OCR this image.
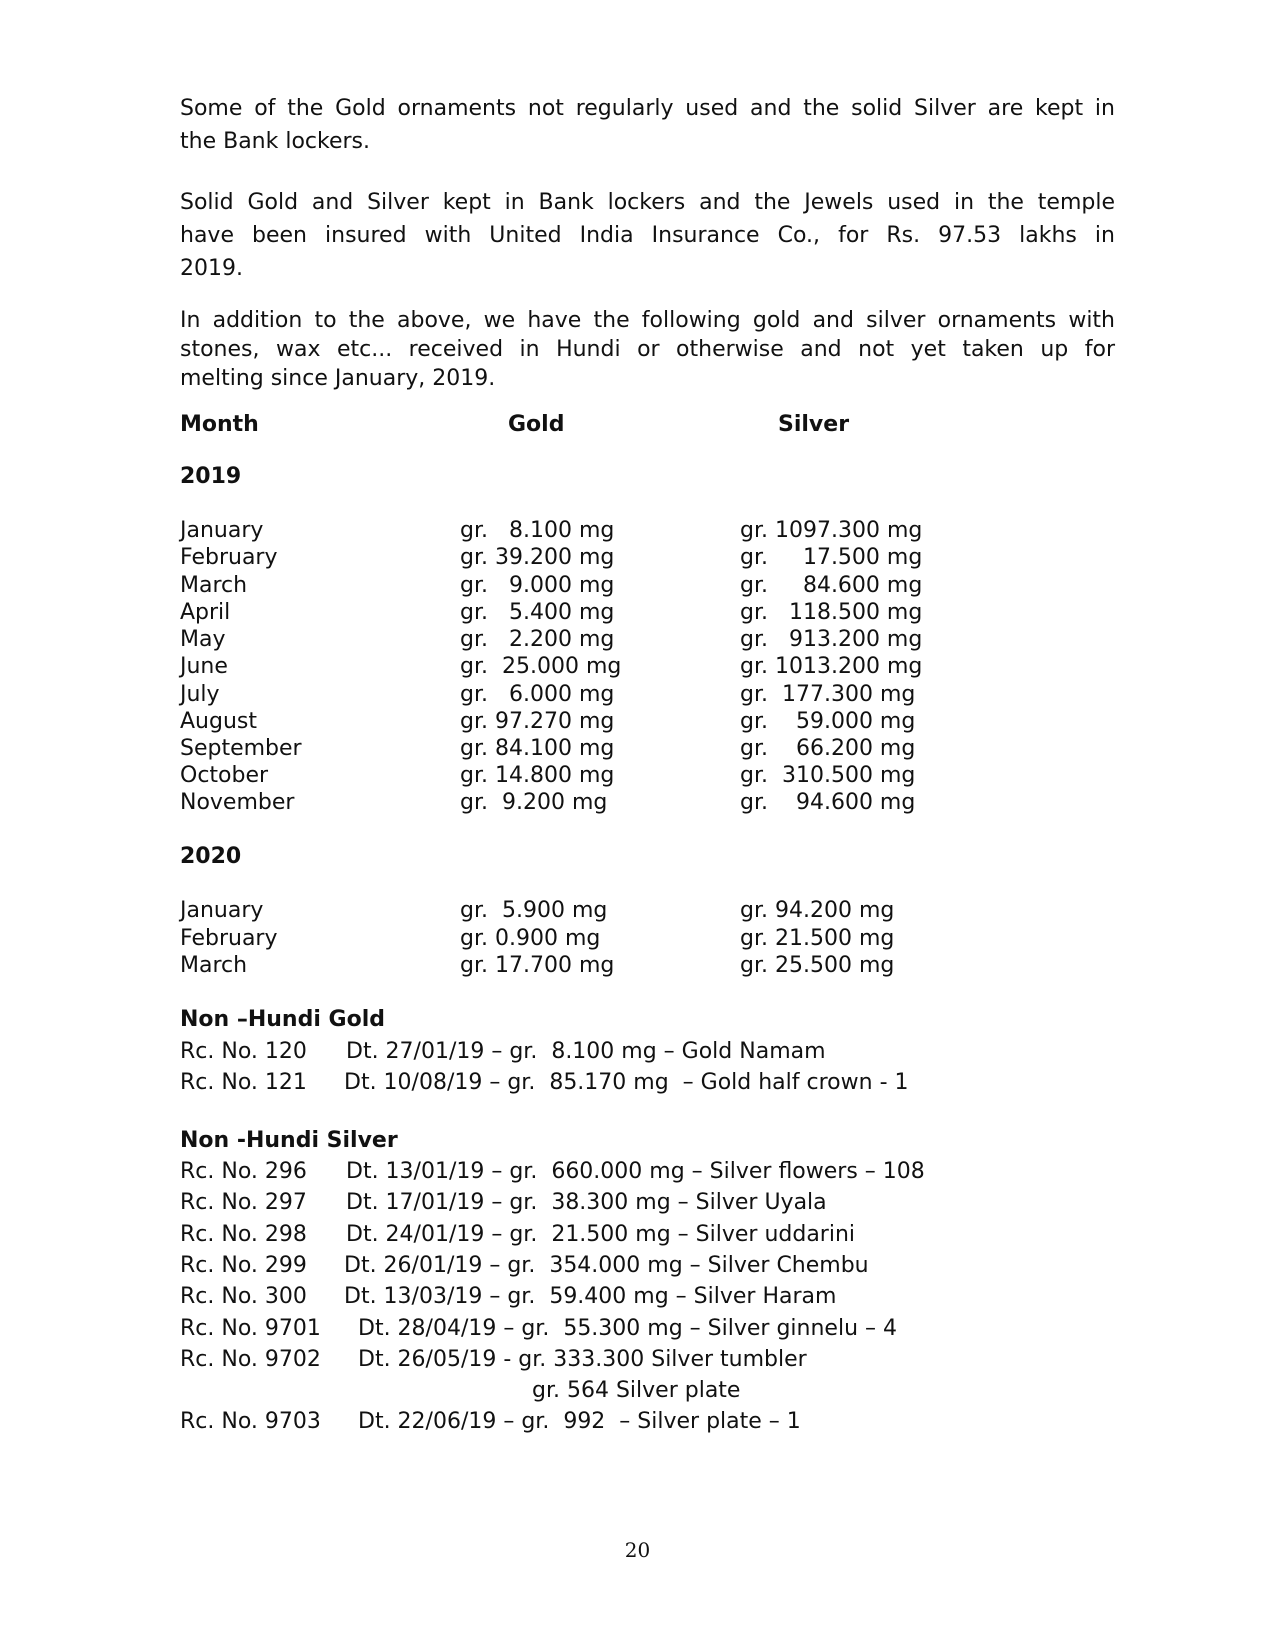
Some of the Gold ornaments not regularly used and the solid Silver are kept in
the Bank lockers.

Solid Gold and Silver kept in Bank lockers and the Jewels used in the temple
have been insured with United India Insurance Co., for Rs. 97.53 lakhs in
2019.

In addition to the above, we have the following gold and silver ornaments with
stones, wax etc... received in Hundi or otherwise and not yet taken up for
melting since January, 2019.

Month	Gold	Silver
2019
January	gr.   8.100 mg	gr. 1097.300 mg
February	gr. 39.200 mg	gr.     17.500 mg
March	gr.   9.000 mg	gr.     84.600 mg
April	gr.   5.400 mg	gr.   118.500 mg
May	gr.   2.200 mg	gr.   913.200 mg
June	gr.  25.000 mg	gr. 1013.200 mg
July	gr.   6.000 mg	gr.  177.300 mg
August	gr. 97.270 mg	gr.    59.000 mg
September	gr. 84.100 mg	gr.    66.200 mg
October	gr. 14.800 mg	gr.  310.500 mg
November	gr.  9.200 mg	gr.    94.600 mg
2020
January	gr.  5.900 mg	gr. 94.200 mg
February	gr. 0.900 mg	gr. 21.500 mg
March	gr. 17.700 mg	gr. 25.500 mg
Non –Hundi Gold
Rc. No. 120 Dt. 27/01/19 – gr.  8.100 mg – Gold Namam
Rc. No. 121 Dt. 10/08/19 – gr.  85.170 mg  – Gold half crown - 1
Non -Hundi Silver
Rc. No. 296 Dt. 13/01/19 – gr.  660.000 mg – Silver flowers – 108
Rc. No. 297 Dt. 17/01/19 – gr.  38.300 mg – Silver Uyala
Rc. No. 298 Dt. 24/01/19 – gr.  21.500 mg – Silver uddarini
Rc. No. 299 Dt. 26/01/19 – gr.  354.000 mg – Silver Chembu
Rc. No. 300 Dt. 13/03/19 – gr.  59.400 mg – Silver Haram
Rc. No. 9701 Dt. 28/04/19 – gr.  55.300 mg – Silver ginnelu – 4
Rc. No. 9702 Dt. 26/05/19 - gr. 333.300 Silver tumbler
gr. 564 Silver plate
Rc. No. 9703 Dt. 22/06/19 – gr.  992  – Silver plate – 1
20
